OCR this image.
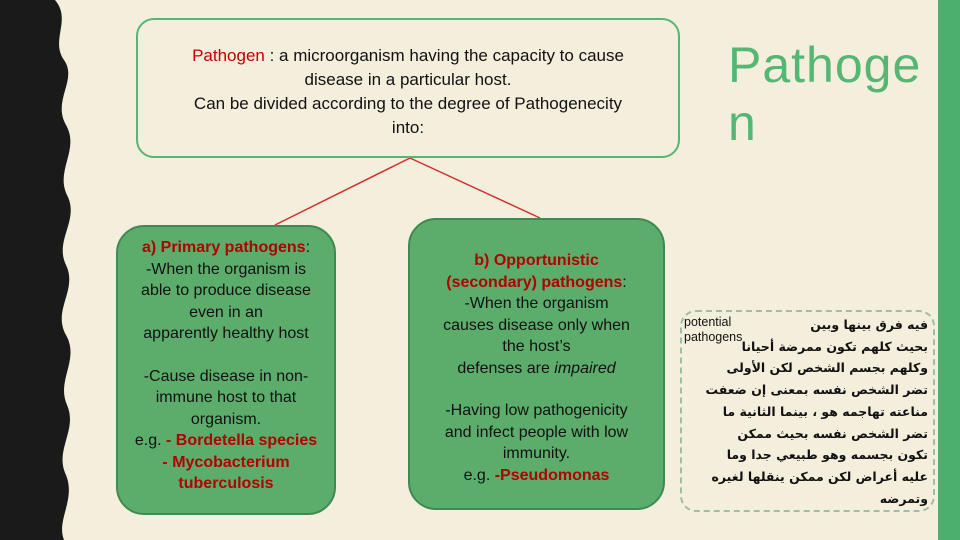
Pathogen : a microorganism having the capacity to cause
disease in a particular host.
Can be divided according to the degree of Pathogenecity
into:

a) Primary pathogens:

-When the organism is

able to produce disease

even in an

apparently healthy host

-Cause disease in non-

immune host to that

organism.

e.g. - Bordetella species

- Mycobacterium

tuberculosis

b) Opportunistic

(secondary) pathogens:

-When the organism

causes disease only when

the host’s

defenses are impaired

-Having low pathogenicity

and infect people with low

immunity.

e.g. -Pseudomonas

Pathoge
n
potential
pathogens
فيه فرق بينها وبين
بحيث كلهم تكون ممرضة أحيانا
وكلهم بجسم الشخص لكن الأولى
تضر الشخص نفسه بمعنى إن ضعفت
مناعته تهاجمه هو ، بينما الثانية ما
تضر الشخص نفسه بحيث ممكن
تكون بجسمه وهو طبيعي جدا وما
عليه أعراض لكن ممكن ينقلها لغيره
وتمرضه
